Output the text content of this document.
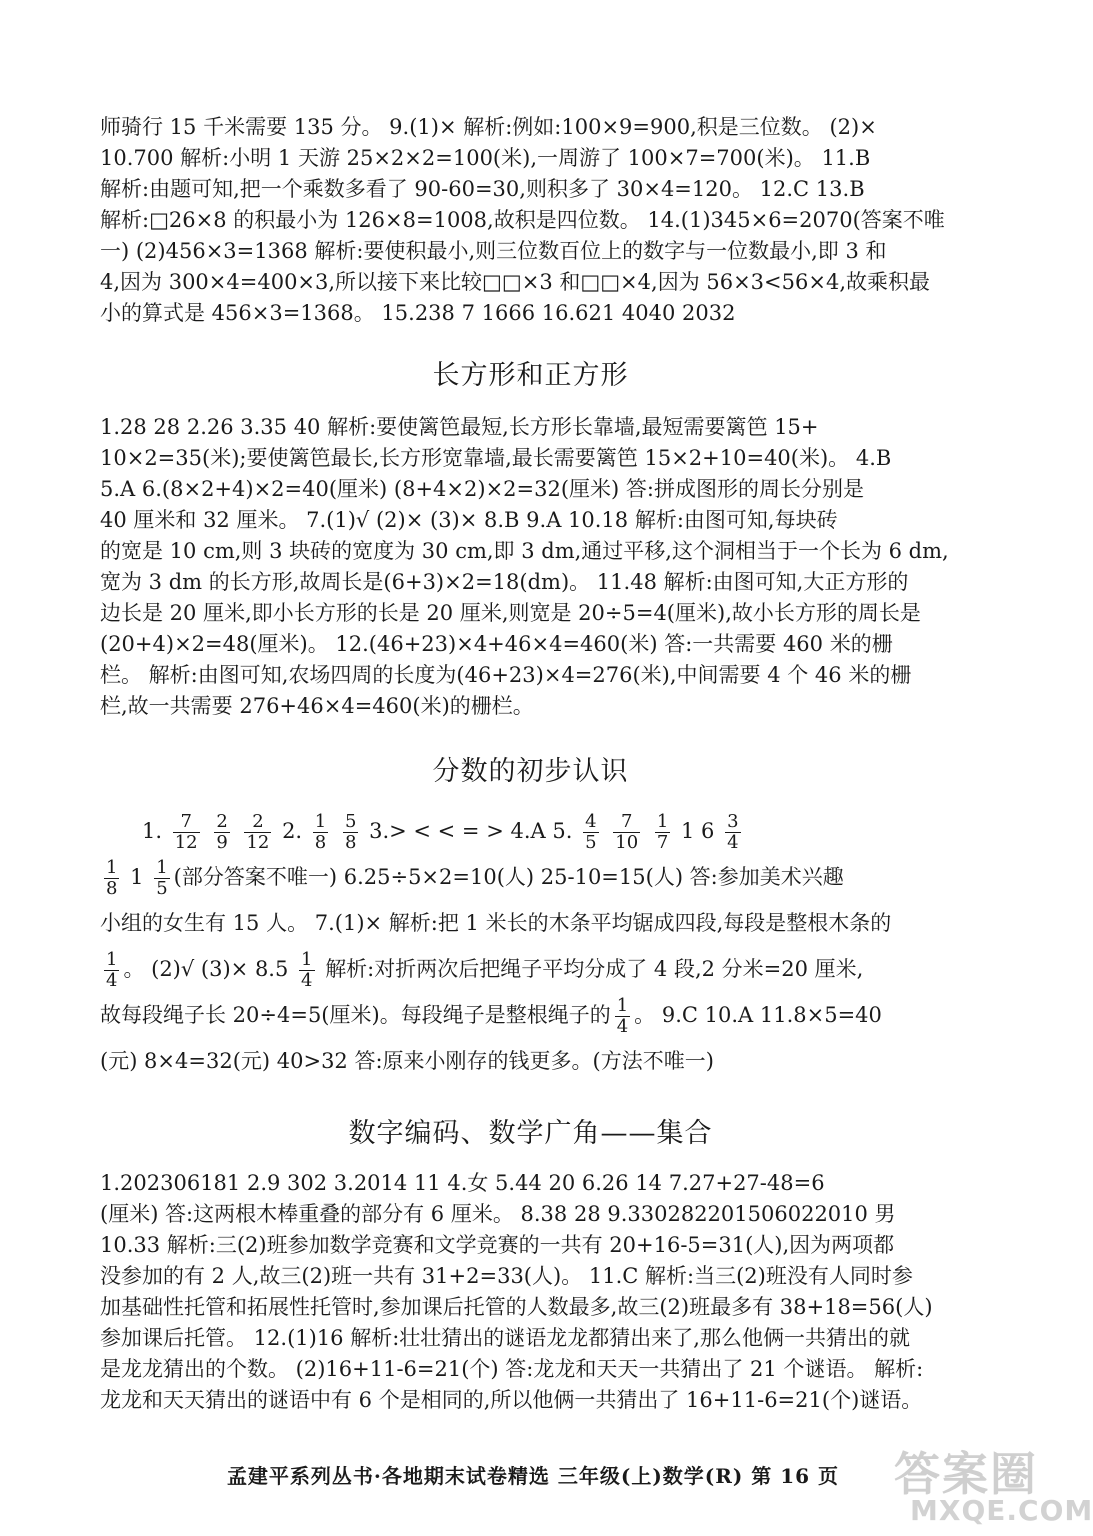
师骑行 15 千米需要 135 分。 9.(1)× 解析:例如:100×9=900,积是三位数。 (2)×

10.700 解析:小明 1 天游 25×2×2=100(米),一周游了 100×7=700(米)。 11.B

解析:由题可知,把一个乘数多看了 90-60=30,则积多了 30×4=120。 12.C 13.B

解析:□26×8 的积最小为 126×8=1008,故积是四位数。 14.(1)345×6=2070(答案不唯

一) (2)456×3=1368 解析:要使积最小,则三位数百位上的数字与一位数最小,即 3 和

4,因为 300×4=400×3,所以接下来比较□□×3 和□□×4,因为 56×3<56×4,故乘积最

小的算式是 456×3=1368。 15.238 7 1666 16.621 4040 2032

长方形和正方形

1.28 28 2.26 3.35 40 解析:要使篱笆最短,长方形长靠墙,最短需要篱笆 15+

10×2=35(米);要使篱笆最长,长方形宽靠墙,最长需要篱笆 15×2+10=40(米)。 4.B

5.A 6.(8×2+4)×2=40(厘米) (8+4×2)×2=32(厘米) 答:拼成图形的周长分别是

40 厘米和 32 厘米。 7.(1)√ (2)× (3)× 8.B 9.A 10.18 解析:由图可知,每块砖

的宽是 10 cm,则 3 块砖的宽度为 30 cm,即 3 dm,通过平移,这个洞相当于一个长为 6 dm,

宽为 3 dm 的长方形,故周长是(6+3)×2=18(dm)。 11.48 解析:由图可知,大正方形的

边长是 20 厘米,即小长方形的长是 20 厘米,则宽是 20÷5=4(厘米),故小长方形的周长是

(20+4)×2=48(厘米)。 12.(46+23)×4+46×4=460(米) 答:一共需要 460 米的栅

栏。 解析:由图可知,农场四周的长度为(46+23)×4=276(米),中间需要 4 个 46 米的栅

栏,故一共需要 276+46×4=460(米)的栅栏。

分数的初步认识

1. $\frac{7}{12}$
$\frac{2}{9}$
$\frac{2}{12} 2$. $\frac{1}{8}$
$\frac{5}{8} 3.>$ < < = > 4.A 5. $\frac{4}{5}$
$\frac{7}{10}$
$\frac{1}{7} 1$ $6 \frac{3}{4}$

$\frac{1}{8} 1 \frac{1}{5}$ (部分答案不唯一) 6.25÷5×2=10(人) 25-10=15(人) 答:参加美术兴趣

小组的女生有 15 人。 7.(1)× 解析:把 1 米长的木条平均锯成四段,每段是整根木条的

$\frac{1}{4}$ 。 (2)√ $(3)\times 8.5 \frac{1}{4}$ 解析:对折两次后把绳子平均分成了 4 段,2 分米=20 厘米,

故每段绳子长 20÷4=5(厘米)。每段绳子是整根绳子的 $\frac{1}{4}$ 。 9.C 10.A 11.8×5=40

(元) 8×4=32(元) 40>32 答:原来小刚存的钱更多。(方法不唯一)

数字编码、数学广角——集合

1.202306181 2.9 302 3.2014 11 4.女 5.44 20 6.26 14 7.27+27-48=6

(厘米) 答:这两根木棒重叠的部分有 6 厘米。 8.38 28 9.330282201506022010 男

10.33 解析:三(2)班参加数学竞赛和文学竞赛的一共有 20+16-5=31(人),因为两项都

没参加的有 2 人,故三(2)班一共有 31+2=33(人)。 11.C 解析:当三(2)班没有人同时参

加基础性托管和拓展性托管时,参加课后托管的人数最多,故三(2)班最多有 38+18=56(人)

参加课后托管。 12.(1)16 解析:壮壮猜出的谜语龙龙都猜出来了,那么他俩一共猜出的就

是龙龙猜出的个数。 (2)16+11-6=21(个) 答:龙龙和天天一共猜出了 21 个谜语。 解析:

龙龙和天天猜出的谜语中有 6 个是相同的,所以他俩一共猜出了 16+11-6=21(个)谜语。

孟建平系列丛书·各地期末试卷精选 三年级(上)数学(R) 第 16 页	答案圈
MXQE.COM
